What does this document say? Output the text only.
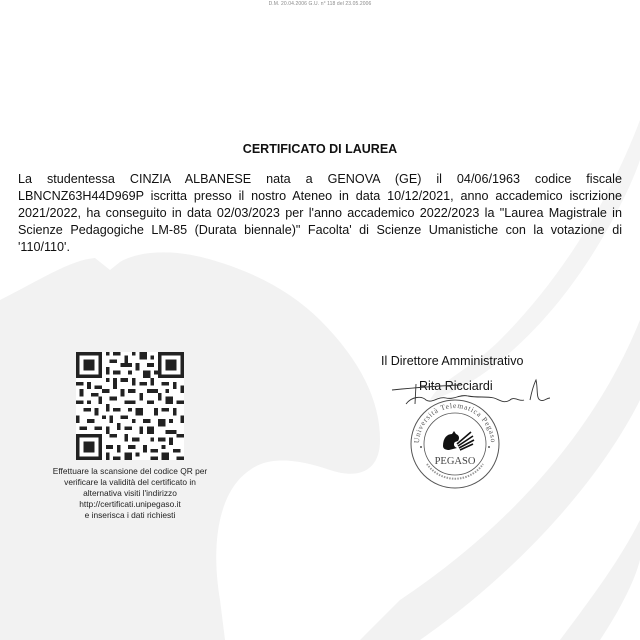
D.M. 20.04.2006 G.U. n° 118 del 23.05.2006
CERTIFICATO DI LAUREA
La studentessa CINZIA ALBANESE nata a GENOVA (GE) il 04/06/1963 codice fiscale LBNCNZ63H44D969P iscritta presso il nostro Ateneo in data 10/12/2021, anno accademico iscrizione 2021/2022, ha conseguito in data 02/03/2023 per l'anno accademico 2022/2023 la "Laurea Magistrale in Scienze Pedagogiche LM-85 (Durata biennale)" Facolta' di Scienze Umanistiche con la votazione di '110/110'.
Effettuare la scansione del codice QR per
verificare la validità del certificato in
alternativa visiti l'indirizzo
http://certificati.unipegaso.it
e inserisca i dati richiesti
Il Direttore Amministrativo
Università Telematica Pegaso
PEGASO
Rita Ricciardi
